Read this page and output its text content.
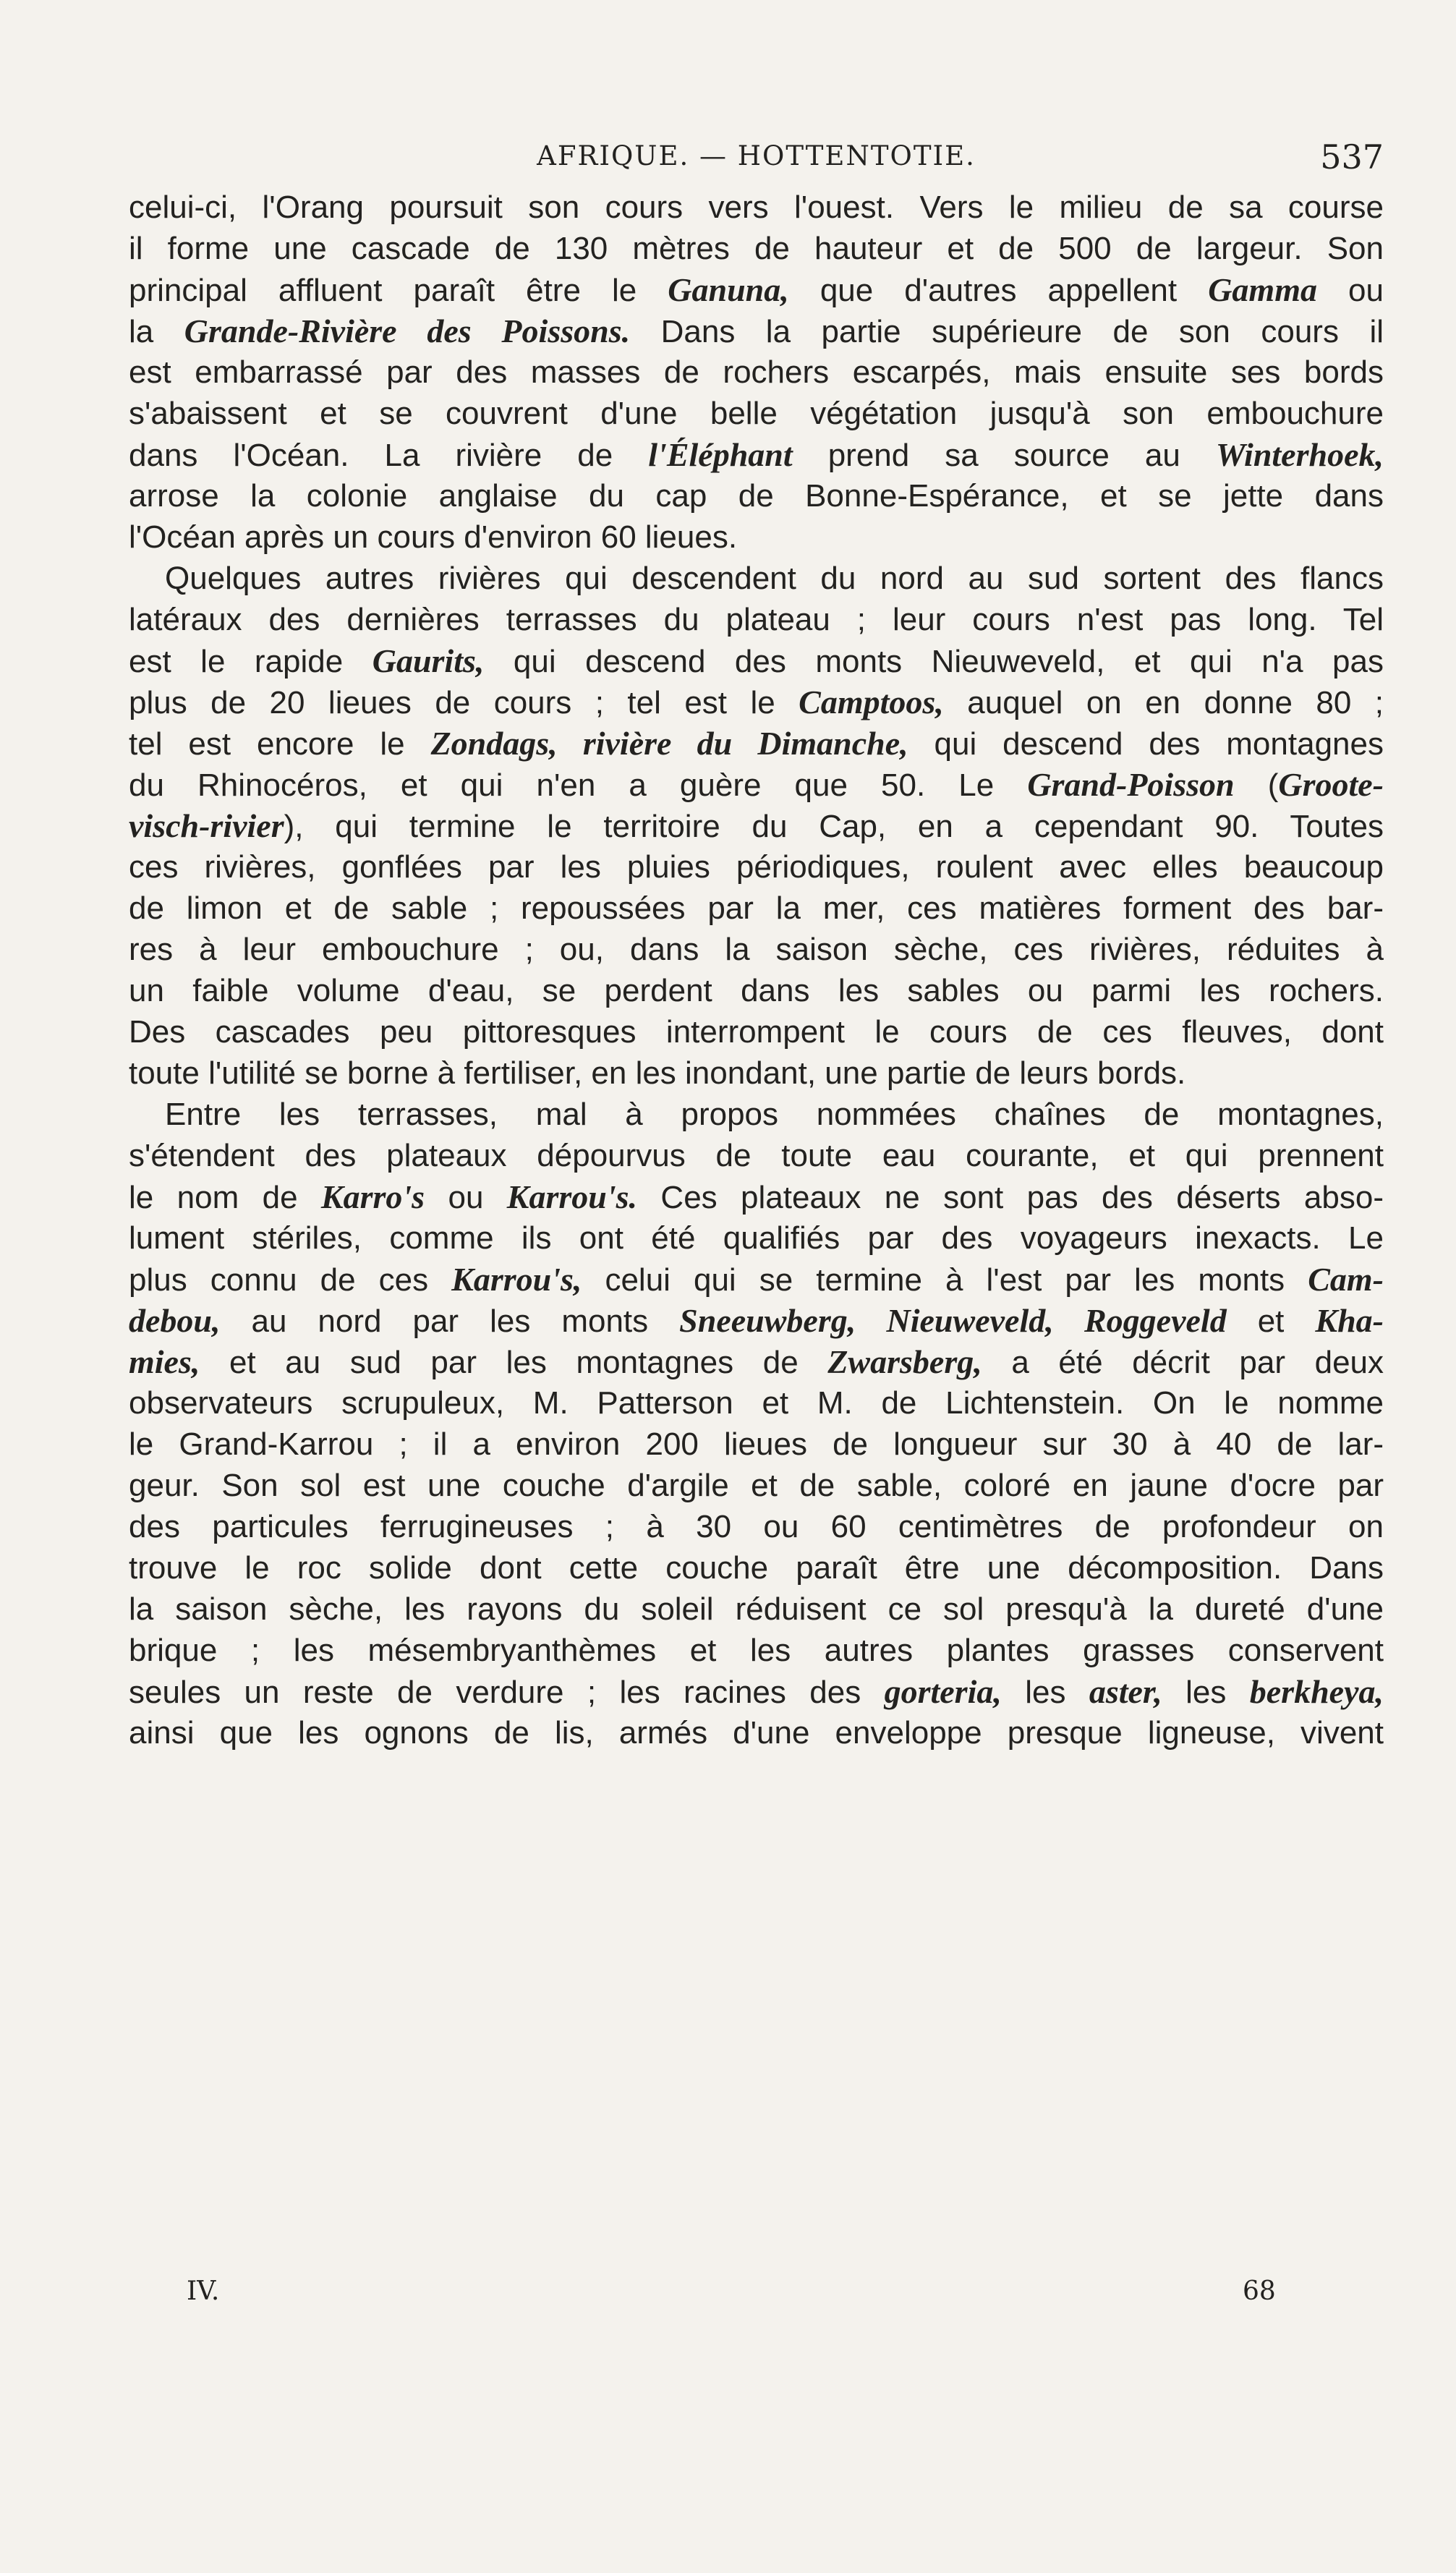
AFRIQUE. — HOTTENTOTIE.	537
celui-ci, l'Orang poursuit son cours vers l'ouest. Vers le milieu de sa course
il forme une cascade de 130 mètres de hauteur et de 500 de largeur. Son
principal affluent paraît être le Ganuna, que d'autres appellent Gamma ou
la Grande-Rivière des Poissons. Dans la partie supérieure de son cours il
est embarrassé par des masses de rochers escarpés, mais ensuite ses bords
s'abaissent et se couvrent d'une belle végétation jusqu'à son embouchure
dans l'Océan. La rivière de l'Éléphant prend sa source au Winterhoek,
arrose la colonie anglaise du cap de Bonne-Espérance, et se jette dans
l'Océan après un cours d'environ 60 lieues.
Quelques autres rivières qui descendent du nord au sud sortent des flancs
latéraux des dernières terrasses du plateau ; leur cours n'est pas long. Tel
est le rapide Gaurits, qui descend des monts Nieuweveld, et qui n'a pas
plus de 20 lieues de cours ; tel est le Camptoos, auquel on en donne 80 ;
tel est encore le Zondags, rivière du Dimanche, qui descend des montagnes
du Rhinocéros, et qui n'en a guère que 50. Le Grand-Poisson (Groote-
visch-rivier), qui termine le territoire du Cap, en a cependant 90. Toutes
ces rivières, gonflées par les pluies périodiques, roulent avec elles beaucoup
de limon et de sable ; repoussées par la mer, ces matières forment des bar-
res à leur embouchure ; ou, dans la saison sèche, ces rivières, réduites à
un faible volume d'eau, se perdent dans les sables ou parmi les rochers.
Des cascades peu pittoresques interrompent le cours de ces fleuves, dont
toute l'utilité se borne à fertiliser, en les inondant, une partie de leurs bords.
Entre les terrasses, mal à propos nommées chaînes de montagnes,
s'étendent des plateaux dépourvus de toute eau courante, et qui prennent
le nom de Karro's ou Karrou's. Ces plateaux ne sont pas des déserts abso-
lument stériles, comme ils ont été qualifiés par des voyageurs inexacts. Le
plus connu de ces Karrou's, celui qui se termine à l'est par les monts Cam-
debou, au nord par les monts Sneeuwberg, Nieuweveld, Roggeveld et Kha-
mies, et au sud par les montagnes de Zwarsberg, a été décrit par deux
observateurs scrupuleux, M. Patterson et M. de Lichtenstein. On le nomme
le Grand-Karrou ; il a environ 200 lieues de longueur sur 30 à 40 de lar-
geur. Son sol est une couche d'argile et de sable, coloré en jaune d'ocre par
des particules ferrugineuses ; à 30 ou 60 centimètres de profondeur on
trouve le roc solide dont cette couche paraît être une décomposition. Dans
la saison sèche, les rayons du soleil réduisent ce sol presqu'à la dureté d'une
brique ; les mésembryanthèmes et les autres plantes grasses conservent
seules un reste de verdure ; les racines des gorteria, les aster, les berkheya,
ainsi que les ognons de lis, armés d'une enveloppe presque ligneuse, vivent
IV.	68
